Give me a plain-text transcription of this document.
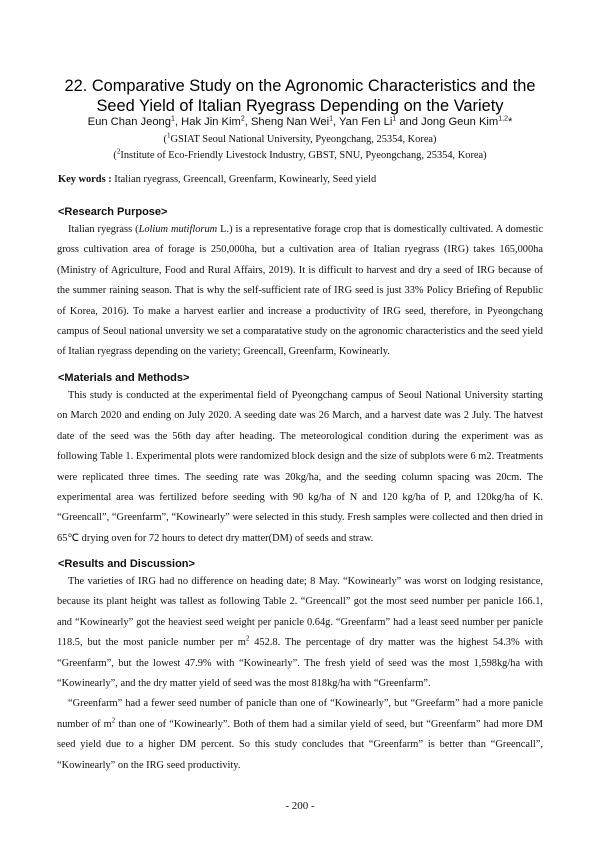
22. Comparative Study on the Agronomic Characteristics and the
Seed Yield of Italian Ryegrass Depending on the Variety
Eun Chan Jeong$^1$, Hak Jin Kim$^2$, Sheng Nan Wei$^1$, Yan Fen Li$^1$ and Jong Geun Kim$^{1,2}$*
($^1$GSIAT Seoul National University, Pyeongchang, 25354, Korea)
($^2$Institute of Eco-Friendly Livestock Industry, GBST, SNU, Pyeongchang, 25354, Korea)
Key words : Italian ryegrass, Greencall, Greenfarm, Kowinearly, Seed yield
<Research Purpose>

Italian ryegrass (Lolium mutiflorum L.) is a representative forage crop that is domestically cultivated. A domestic gross cultivation area of forage is 250,000ha, but a cultivation area of Italian ryegrass (IRG) takes 165,000ha (Ministry of Agriculture, Food and Rural Affairs, 2019). It is difficult to harvest and dry a seed of IRG because of the summer raining season. That is why the self-sufficient rate of IRG seed is just 33% Policy Briefing of Republic of Korea, 2016). To make a harvest earlier and increase a productivity of IRG seed, therefore, in Pyeongchang campus of Seoul national unversity we set a comparatative study on the agronomic characteristics and the seed yield of Italian ryegrass depending on the variety; Greencall, Greenfarm, Kowinearly.

<Materials and Methods>

This study is conducted at the experimental field of Pyeongchang campus of Seoul National University starting on March 2020 and ending on July 2020. A seeding date was 26 March, and a harvest date was 2 July. The hatvest date of the seed was the 56th day after heading. The meteorological condition during the experiment was as following Table 1. Experimental plots were randomized block design and the size of subplots were 6 m2. Treatments were replicated three times. The seeding rate was 20kg/ha, and the seeding column spacing was 20cm. The experimental area was fertilized before seeding with 90 kg/ha of N and 120 kg/ha of P, and 120kg/ha of K. “Greencall”, “Greenfarm”, “Kowinearly” were selected in this study. Fresh samples were collected and then dried in 65℃ drying oven for 72 hours to detect dry matter(DM) of seeds and straw.

<Results and Discussion>

The varieties of IRG had no difference on heading date; 8 May. “Kowinearly” was worst on lodging resistance, because its plant height was tallest as following Table 2. “Greencall” got the most seed number per panicle 166.1, and “Kowinearly” got the heaviest seed weight per panicle 0.64g. “Greenfarm” had a least seed number per panicle 118.5, but the most panicle number per $m^2$ 452.8. The percentage of dry matter was the highest 54.3% with “Greenfarm”, but the lowest 47.9% with “Kowinearly”. The fresh yield of seed was the most 1,598kg/ha with “Kowinearly”, and the dry matter yield of seed was the most 818kg/ha with “Greenfarm”.

“Greenfarm” had a fewer seed number of panicle than one of “Kowinearly”, but “Greefarm” had a more panicle number of $m^2$ than one of “Kowinearly”. Both of them had a similar yield of seed, but “Greenfarm” had more DM seed yield due to a higher DM percent. So this study concludes that “Greenfarm” is better than “Greencall”, “Kowinearly” on the IRG seed productivity.

- 200 -
